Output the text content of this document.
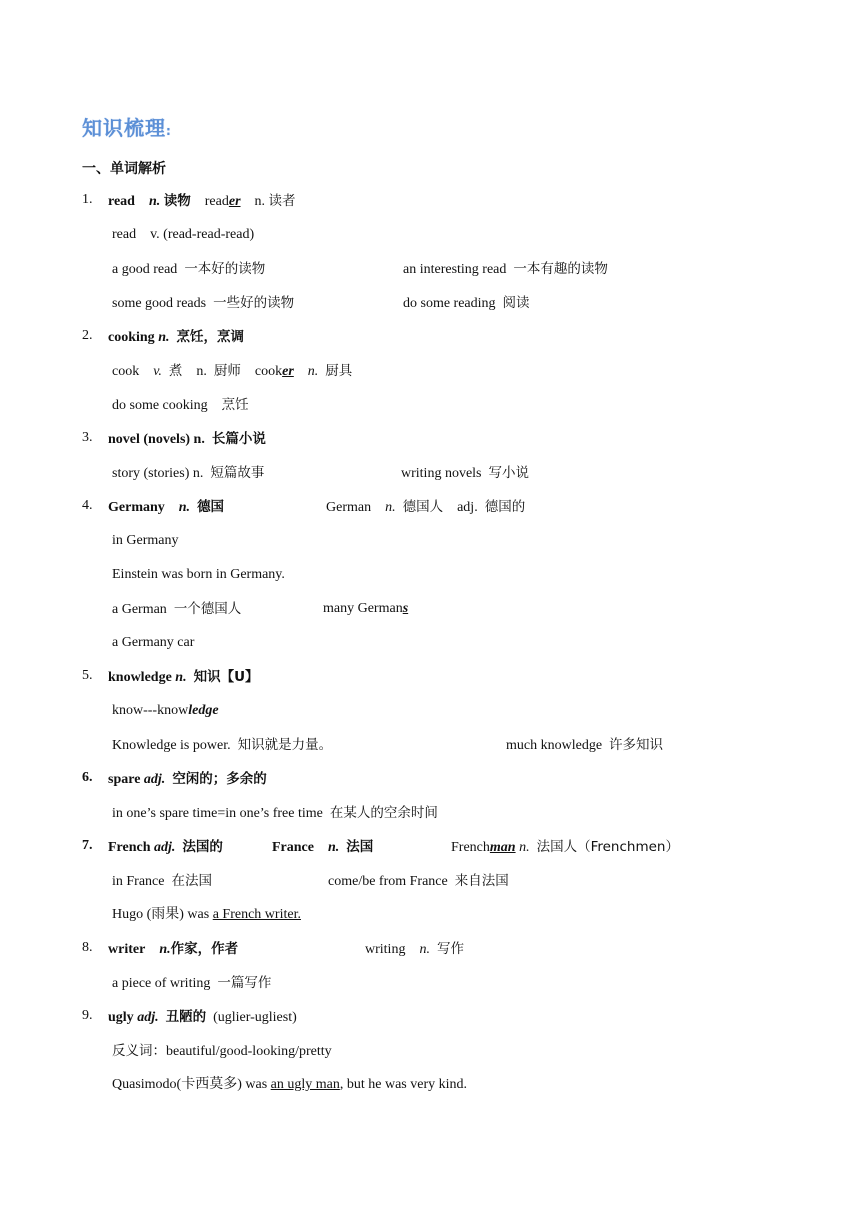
知识梳理:
一、单词解析
1. read n. 读物 reader n. 读者
read v. (read-read-read)
a good read 一本好的读物	an interesting read 一本有趣的读物
some good reads 一些好的读物	do some reading 阅读
2. cooking n. 烹饪，烹调
cook v. 煮 n. 厨师 cooker n. 厨具
do some cooking 烹饪
3. novel (novels) n. 长篇小说
story (stories) n. 短篇故事	writing novels 写小说
4. Germany n. 德国	German n. 德国人 adj. 德国的
in Germany
Einstein was born in Germany.
a German 一个德国人	many Germans
a Germany car
5. knowledge n. 知识【U】
know---knowledge
Knowledge is power. 知识就是力量。	much knowledge 许多知识
6. spare adj. 空闲的；多余的
in one’s spare time=in one’s free time 在某人的空余时间
7. French adj. 法国的	France n. 法国	Frenchman n. 法国人（Frenchmen）
in France 在法国	come/be from France 来自法国
Hugo (雨果) was a French writer.
8. writer n.作家，作者	writing n. 写作
a piece of writing 一篇写作
9. ugly adj. 丑陋的 (uglier-ugliest)
反义词：beautiful/good-looking/pretty
Quasimodo(卡西莫多) was an ugly man, but he was very kind.
